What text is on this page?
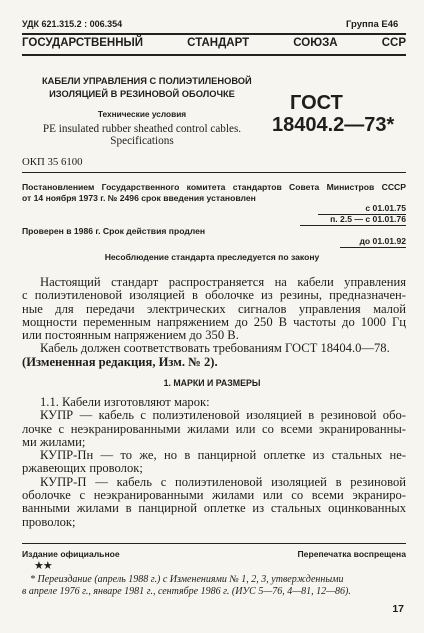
УДК 621.315.2 : 006.354	Группа Е46
ГОСУДАРСТВЕННЫЙ СТАНДАРТ СОЮЗА ССР
КАБЕЛИ УПРАВЛЕНИЯ С ПОЛИЭТИЛЕНОВОЙ
ИЗОЛЯЦИЕЙ В РЕЗИНОВОЙ ОБОЛОЧКЕ
Технические условия
PE insulated rubber sheathed control cables.
Specifications
ГОСТ
18404.2—73*
ОКП 35 6100
Постановлением Государственного комитета стандартов Совета Министров СССР
от 14 ноября 1973 г. № 2496 срок введения установлен
с 01.01.75
п. 2.5 — с 01.01.76
Проверен в 1986 г. Срок действия продлен
до 01.01.92
Несоблюдение стандарта преследуется по закону
Настоящий стандарт распространяется на кабели управления
с полиэтиленовой изоляцией в оболочке из резины, предназначен-
ные для передачи электрических сигналов управления малой
мощности переменным напряжением до 250 В частоты до 1000 Гц
или постоянным напряжением до 350 В.
Кабель должен соответствовать требованиям ГОСТ 18404.0—78.
(Измененная редакция, Изм. № 2).
1. МАРКИ И РАЗМЕРЫ
1.1. Кабели изготовляют марок:
КУПР — кабель с полиэтиленовой изоляцией в резиновой обо-
лочке с неэкранированными жилами или со всеми экранированны-
ми жилами;
КУПР-Пн — то же, но в панцирной оплетке из стальных не-
ржавеющих проволок;
КУПР-П — кабель с полиэтиленовой изоляцией в резиновой
оболочке с неэкранированными жилами или со всеми экраниро-
ванными жилами в панцирной оплетке из стальных оцинкованных
проволок;
Издание официальное	Перепечатка воспрещена
★★
* Переиздание (апрель 1988 г.) с Изменениями № 1, 2, 3, утвержденными
в апреле 1976 г., январе 1981 г., сентябре 1986 г. (ИУС 5—76, 4—81, 12—86).
17
